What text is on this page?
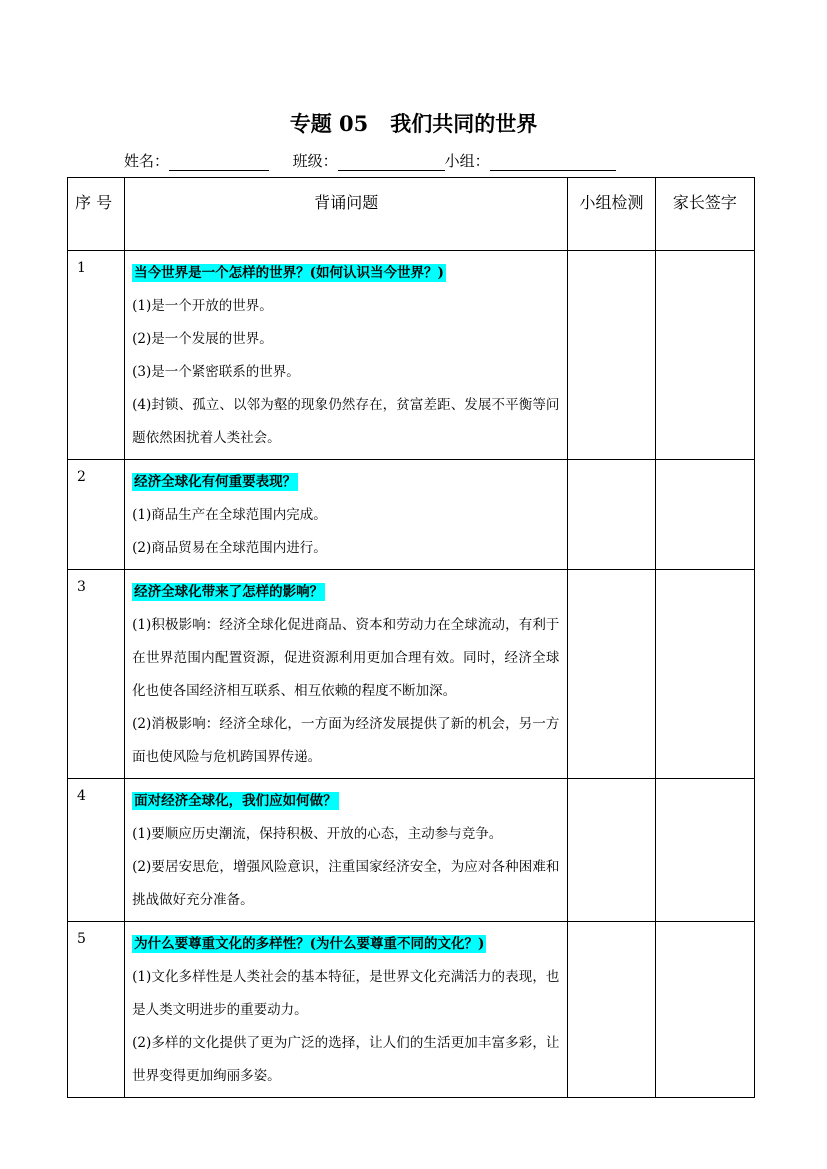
专题 05 我们共同的世界
姓名：	班级：	小组：
序 号	背诵问题	小组检测	家长签字
1	当今世界是一个怎样的世界？(如何认识当今世界？)
(1)是一个开放的世界。
(2)是一个发展的世界。
(3)是一个紧密联系的世界。
(4)封锁、孤立、以邻为壑的现象仍然存在，贫富差距、发展不平衡等问题依然困扰着人类社会。		

2	经济全球化有何重要表现？
(1)商品生产在全球范围内完成。
(2)商品贸易在全球范围内进行。		

3	经济全球化带来了怎样的影响？
(1)积极影响：经济全球化促进商品、资本和劳动力在全球流动，有利于在世界范围内配置资源，促进资源利用更加合理有效。同时，经济全球化也使各国经济相互联系、相互依赖的程度不断加深。
(2)消极影响：经济全球化，一方面为经济发展提供了新的机会，另一方面也使风险与危机跨国界传递。		

4	面对经济全球化，我们应如何做？
(1)要顺应历史潮流，保持积极、开放的心态，主动参与竞争。
(2)要居安思危，增强风险意识，注重国家经济安全，为应对各种困难和挑战做好充分准备。		

5	为什么要尊重文化的多样性？(为什么要尊重不同的文化？)
(1)文化多样性是人类社会的基本特征，是世界文化充满活力的表现，也是人类文明进步的重要动力。
(2)多样的文化提供了更为广泛的选择，让人们的生活更加丰富多彩，让世界变得更加绚丽多姿。		
